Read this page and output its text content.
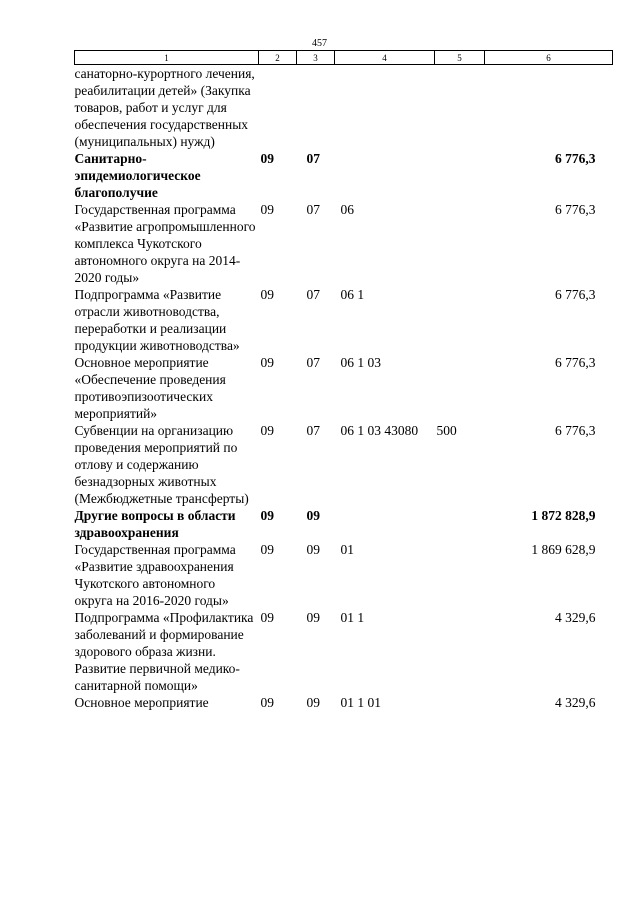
457
1	2	3	4	5	6
санаторно-курортного лечения, реабилитации детей» (Закупка товаров, работ и услуг для обеспечения государственных (муниципальных) нужд)					
Санитарно-эпидемиологическое благополучие	09	07			6 776,3
Государственная программа «Развитие агропромышленного комплекса Чукотского автономного округа на 2014-2020 годы»	09	07	06		6 776,3
Подпрограмма «Развитие отрасли животноводства, переработки и реализации продукции животноводства»	09	07	06 1		6 776,3
Основное мероприятие «Обеспечение проведения противоэпизоотических мероприятий»	09	07	06 1 03		6 776,3
Субвенции на организацию проведения мероприятий по отлову и содержанию безнадзорных животных (Межбюджетные трансферты)	09	07	06 1 03 43080	500	6 776,3
Другие вопросы в области здравоохранения	09	09			1 872 828,9
Государственная программа «Развитие здравоохранения Чукотского автономного округа на 2016-2020 годы»	09	09	01		1 869 628,9
Подпрограмма «Профилактика заболеваний и формирование здорового образа жизни. Развитие первичной медико-санитарной помощи»	09	09	01 1		4 329,6
Основное мероприятие	09	09	01 1 01		4 329,6
